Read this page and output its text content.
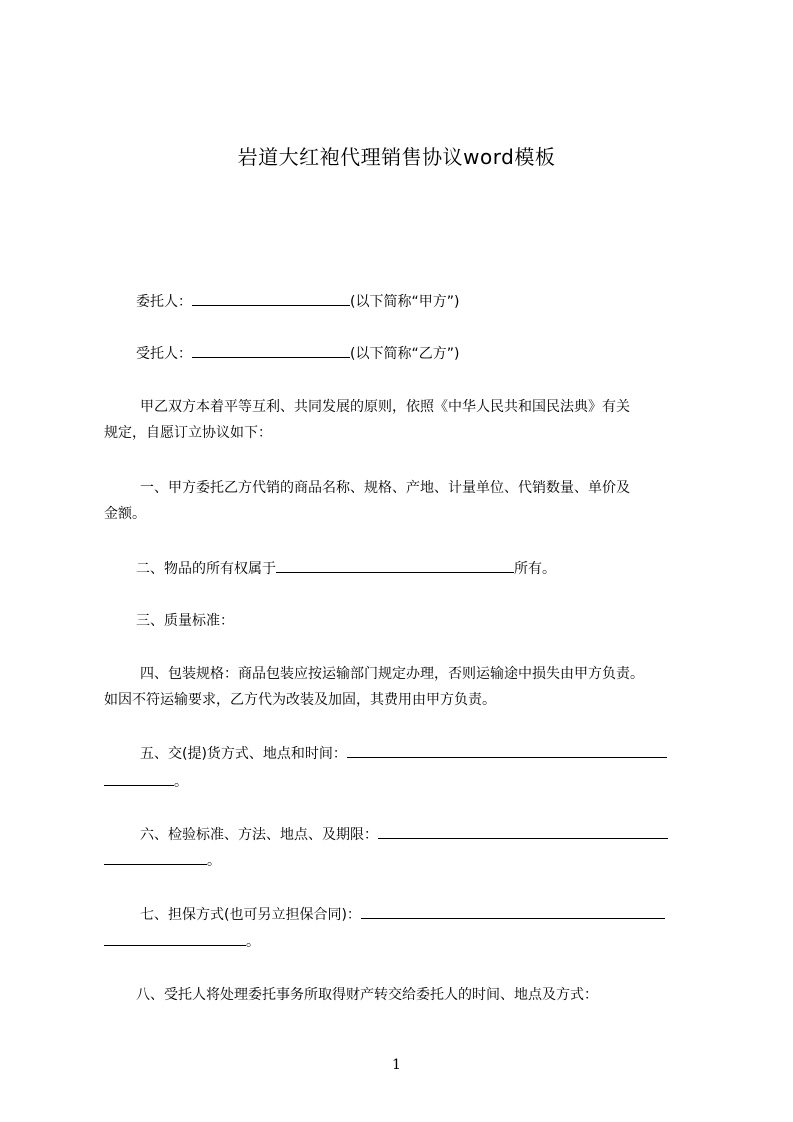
岩道大红袍代理销售协议word模板
委托人：	(以下简称“甲方”)
受托人：	(以下简称“乙方”)
甲乙双方本着平等互利、共同发展的原则，依照《中华人民共和国民法典》有关
规定，自愿订立协议如下：
一、甲方委托乙方代销的商品名称、规格、产地、计量单位、代销数量、单价及
金额。
二、物品的所有权属于	所有。
三、质量标准：
四、包装规格：商品包装应按运输部门规定办理，否则运输途中损失由甲方负责。
如因不符运输要求，乙方代为改装及加固，其费用由甲方负责。
五、交(提)货方式、地点和时间：
。
六、检验标准、方法、地点、及期限：
。
七、担保方式(也可另立担保合同)：
。
八、受托人将处理委托事务所取得财产转交给委托人的时间、地点及方式：
1
